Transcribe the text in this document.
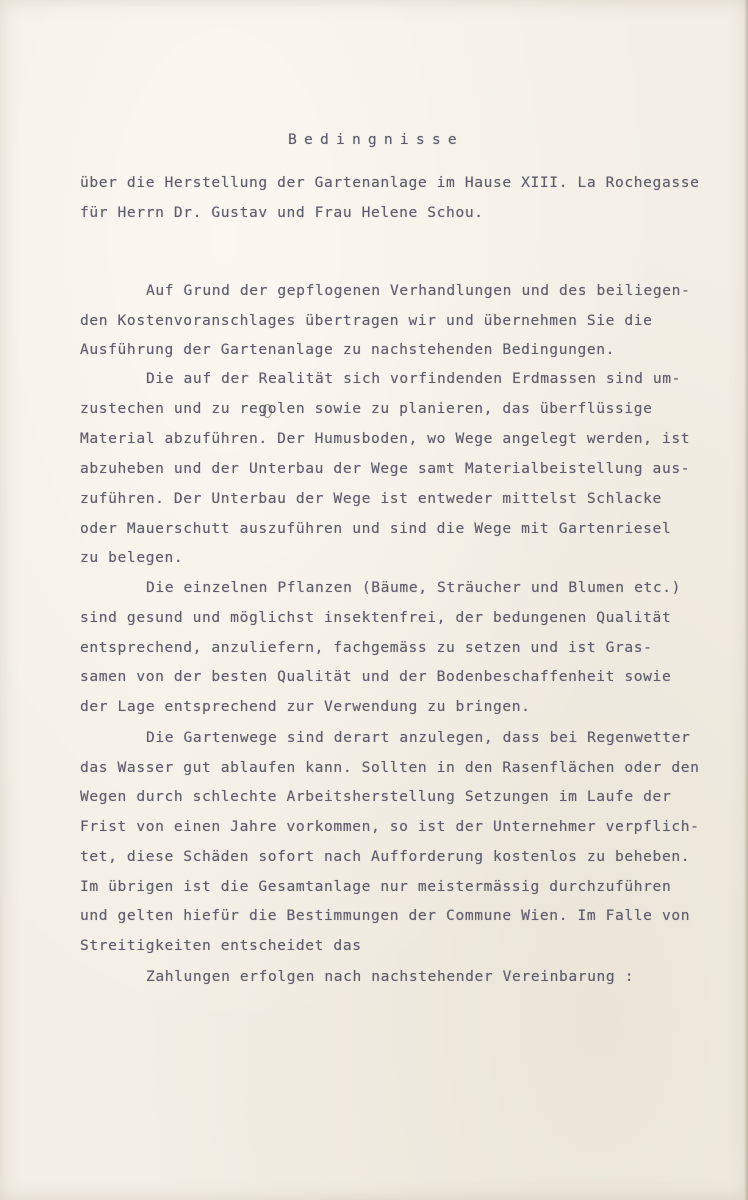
Bedingnisse
über die Herstellung der Gartenanlage im Hause XIII. La Rochegasse
für Herrn Dr. Gustav und Frau Helene Schou.
Auf Grund der gepflogenen Verhandlungen und des beiliegen-
den Kostenvoranschlages übertragen wir und übernehmen Sie die
Ausführung der Gartenanlage zu nachstehenden Bedingungen.
Die auf der Realität sich vorfindenden Erdmassen sind um-
zustechen und zu regolen sowie zu planieren, das überflüssige
Material abzuführen. Der Humusboden, wo Wege angelegt werden, ist
abzuheben und der Unterbau der Wege samt Materialbeistellung aus-
zuführen. Der Unterbau der Wege ist entweder mittelst Schlacke
oder Mauerschutt auszuführen und sind die Wege mit Gartenriesel
zu belegen.
Die einzelnen Pflanzen (Bäume, Sträucher und Blumen etc.)
sind gesund und möglichst insektenfrei, der bedungenen Qualität
entsprechend, anzuliefern, fachgemäss zu setzen und ist Gras-
samen von der besten Qualität und der Bodenbeschaffenheit sowie
der Lage entsprechend zur Verwendung zu bringen.
Die Gartenwege sind derart anzulegen, dass bei Regenwetter
das Wasser gut ablaufen kann. Sollten in den Rasenflächen oder den
Wegen durch schlechte Arbeitsherstellung Setzungen im Laufe der
Frist von einen Jahre vorkommen, so ist der Unternehmer verpflich-
tet, diese Schäden sofort nach Aufforderung kostenlos zu beheben.
Im übrigen ist die Gesamtanlage nur meistermässig durchzuführen
und gelten hiefür die Bestimmungen der Commune Wien. Im Falle von
Streitigkeiten entscheidet das
Zahlungen erfolgen nach nachstehender Vereinbarung :
